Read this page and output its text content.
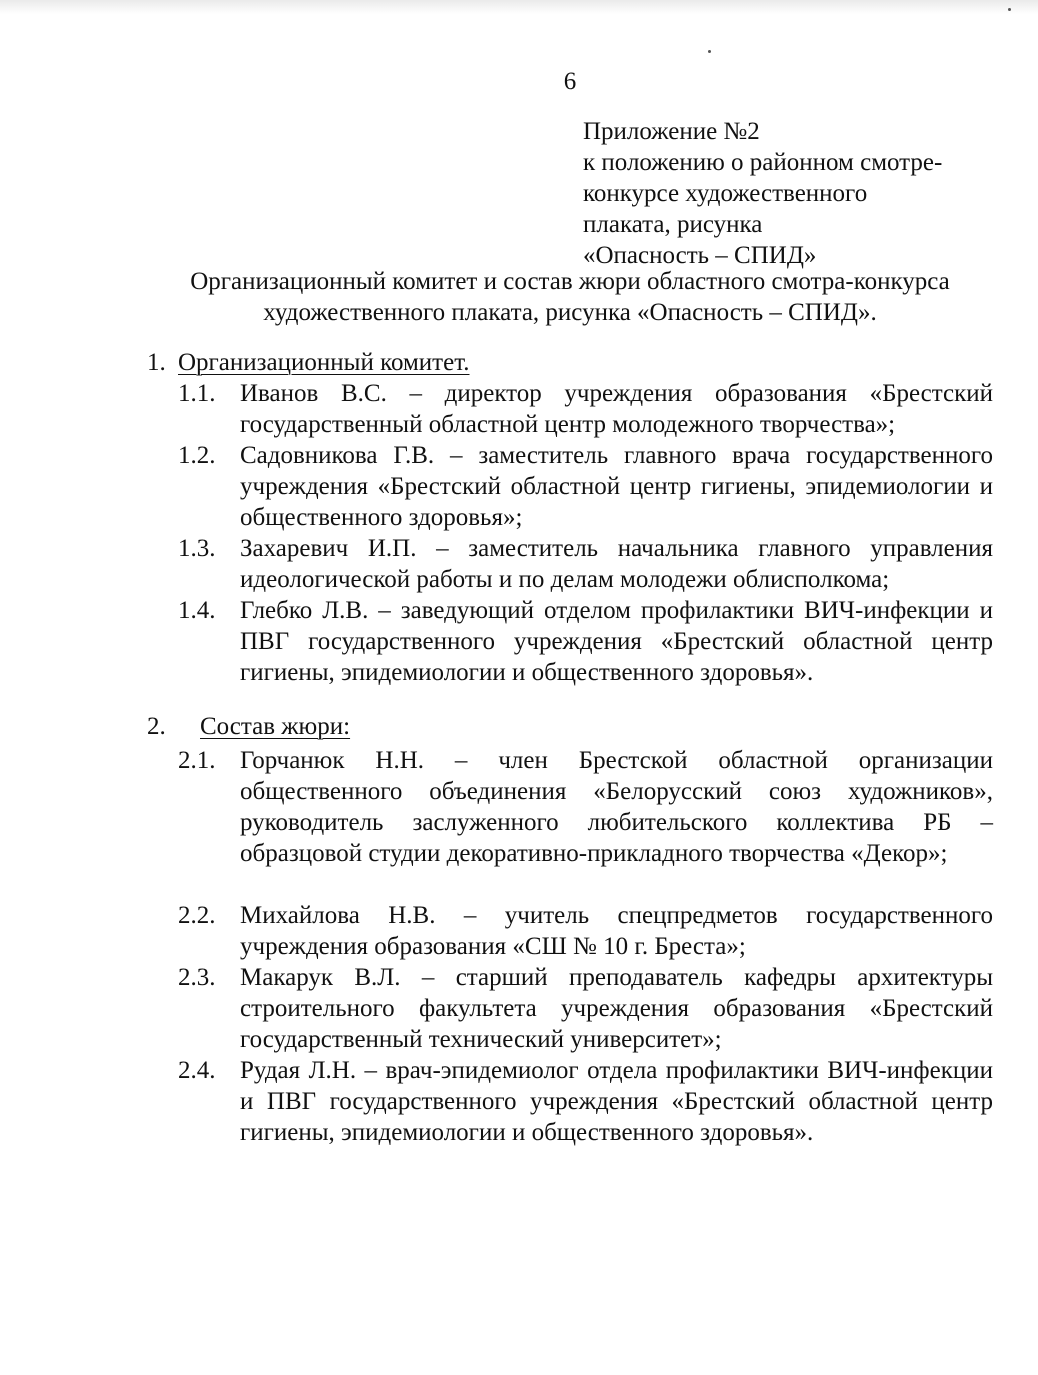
6
Приложение №2
к положению о районном смотре-
конкурсе художественного
плаката, рисунка
«Опасность – СПИД»
Организационный комитет и состав жюри областного смотра-конкурса художественного плаката, рисунка «Опасность – СПИД».
1. Организационный комитет.
1.1. Иванов В.С. – директор учреждения образования «Брестский государственный областной центр молодежного творчества»;
1.2. Садовникова Г.В. – заместитель главного врача государственного учреждения «Брестский областной центр гигиены, эпидемиологии и общественного здоровья»;
1.3. Захаревич И.П. – заместитель начальника главного управления идеологической работы и по делам молодежи облисполкома;
1.4. Глебко Л.В. – заведующий отделом профилактики ВИЧ-инфекции и ПВГ государственного учреждения «Брестский областной центр гигиены, эпидемиологии и общественного здоровья».
2. Состав жюри:
2.1. Горчанюк Н.Н. – член Брестской областной организации общественного объединения «Белорусский союз художников», руководитель заслуженного любительского коллектива РБ – образцовой студии декоративно-прикладного творчества «Декор»;
2.2. Михайлова Н.В. – учитель спецпредметов государственного учреждения образования «СШ № 10 г. Бреста»;
2.3. Макарук В.Л. – старший преподаватель кафедры архитектуры строительного факультета учреждения образования «Брестский государственный технический университет»;
2.4. Рудая Л.Н. – врач-эпидемиолог отдела профилактики ВИЧ-инфекции и ПВГ государственного учреждения «Брестский областной центр гигиены, эпидемиологии и общественного здоровья».
